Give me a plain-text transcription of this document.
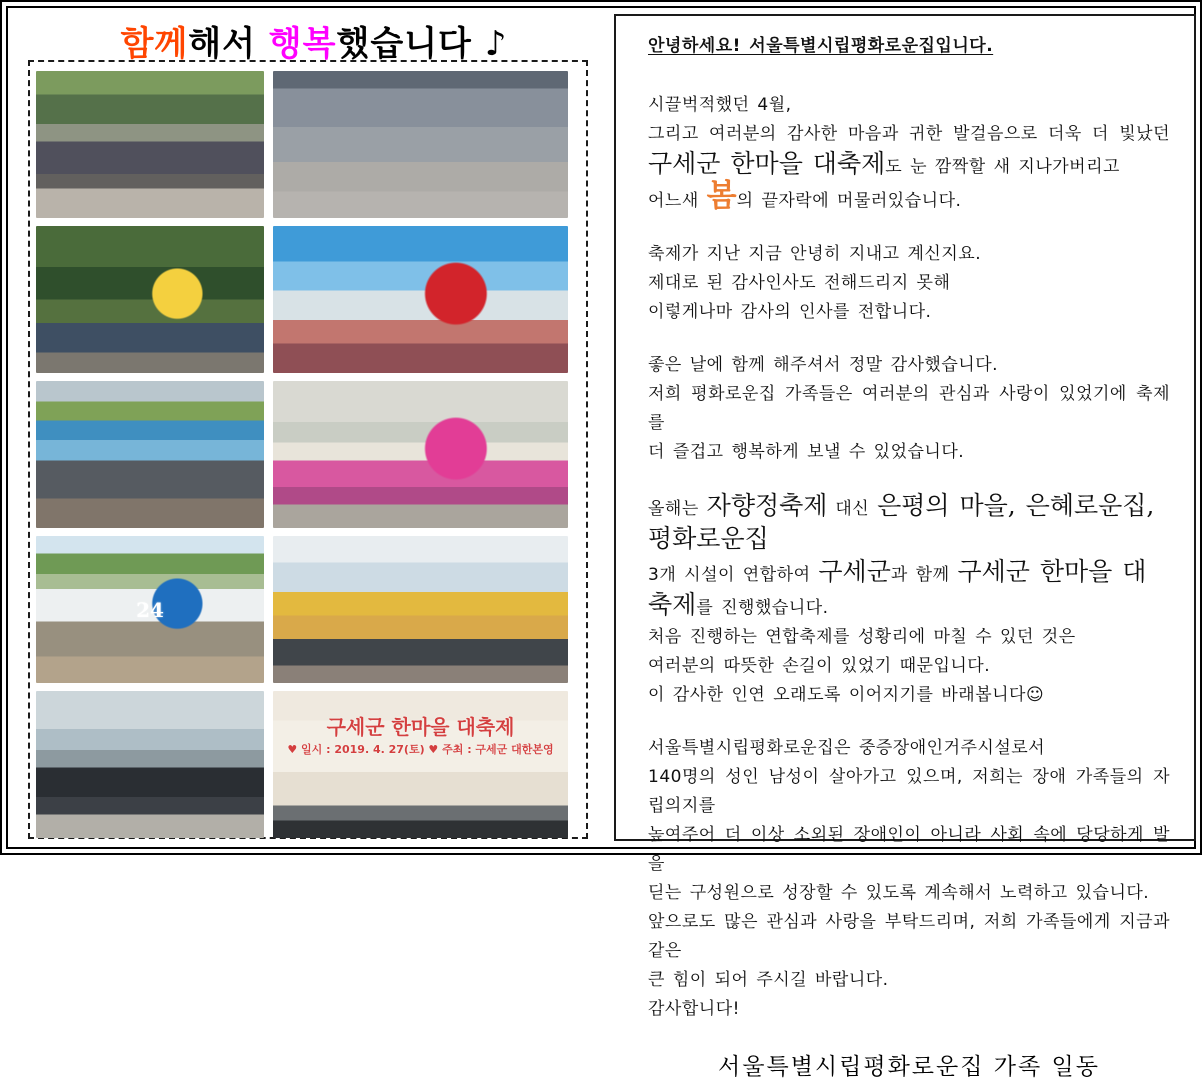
함께해서 행복했습니다 ♪
24
구세군 한마을 대축제
♥ 일시 : 2019. 4. 27(토) ♥ 주최 : 구세군 대한본영
안녕하세요! 서울특별시립평화로운집입니다.
시끌벅적했던 4월,
그리고 여러분의 감사한 마음과 귀한 발걸음으로 더욱 더 빛났던
구세군 한마을 대축제도 눈 깜짝할 새 지나가버리고
어느새 봄의 끝자락에 머물러있습니다.
축제가 지난 지금 안녕히 지내고 계신지요.
제대로 된 감사인사도 전해드리지 못해
이렇게나마 감사의 인사를 전합니다.
좋은 날에 함께 해주셔서 정말 감사했습니다.
저희 평화로운집 가족들은 여러분의 관심과 사랑이 있었기에 축제를
더 즐겁고 행복하게 보낼 수 있었습니다.
올해는 자향정축제 대신 은평의 마을, 은혜로운집, 평화로운집
3개 시설이 연합하여 구세군과 함께 구세군 한마을 대축제를 진행했습니다.
처음 진행하는 연합축제를 성황리에 마칠 수 있던 것은
여러분의 따뜻한 손길이 있었기 때문입니다.
이 감사한 인연 오래도록 이어지기를 바래봅니다☺
서울특별시립평화로운집은 중증장애인거주시설로서
140명의 성인 남성이 살아가고 있으며, 저희는 장애 가족들의 자립의지를
높여주어 더 이상 소외된 장애인이 아니라 사회 속에 당당하게 발을
딛는 구성원으로 성장할 수 있도록 계속해서 노력하고 있습니다.
앞으로도 많은 관심과 사랑을 부탁드리며, 저희 가족들에게 지금과 같은
큰 힘이 되어 주시길 바랍니다.
감사합니다!
서울특별시립평화로운집 가족 일동
